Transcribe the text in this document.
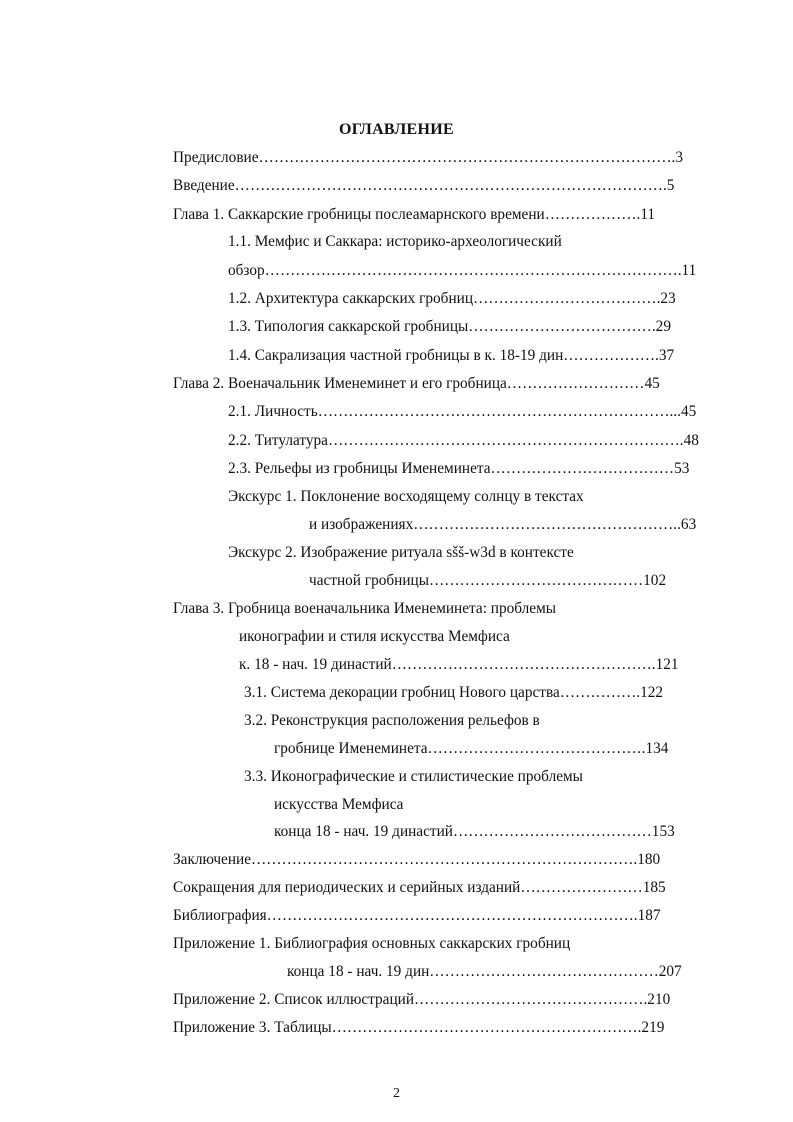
ОГЛАВЛЕНИЕ
Предисловие……………………………………………………………………….3
Введение………………………………………………………………………….5
Глава 1. Саккарские гробницы послеамарнского времени……………….11
1.1. Мемфис и Саккара: историко-археологический
обзор……………………………………………………………………….11
1.2. Архитектура саккарских гробниц……………………………….23
1.3. Типология саккарской гробницы……………………………….29
1.4. Сакрализация частной гробницы в к. 18-19 дин……………….37
Глава 2. Военачальник Именеминет и его гробница………………………45
2.1. Личность……………………………………………………………...45
2.2. Титулатура…………………………………………………………….48
2.3. Рельефы из гробницы Именеминета………………………………53
Экскурс 1. Поклонение восходящему солнцу в текстах
и изображениях……………………………………………..63
Экскурс 2. Изображение ритуала sšš-w3d в контексте
частной гробницы……………………………………102
Глава 3. Гробница военачальника Именеминета: проблемы
иконографии и стиля искусства Мемфиса
к. 18 - нач. 19 династий…………………………………………….121
3.1. Система декорации гробниц Нового царства…………….122
3.2. Реконструкция расположения рельефов в
гробнице Именеминета…………………………………….134
3.3. Иконографические и стилистические проблемы
искусства Мемфиса
конца 18 - нач. 19 династий…………………………………153
Заключение………………………………………………………………….180
Сокращения для периодических и серийных изданий……………………185
Библиография……………………………………………………………….187
Приложение 1. Библиография основных саккарских гробниц
конца 18 - нач. 19 дин………………………………………207
Приложение 2. Список иллюстраций……………………………………….210
Приложение 3. Таблицы…………………………………………………….219
2
